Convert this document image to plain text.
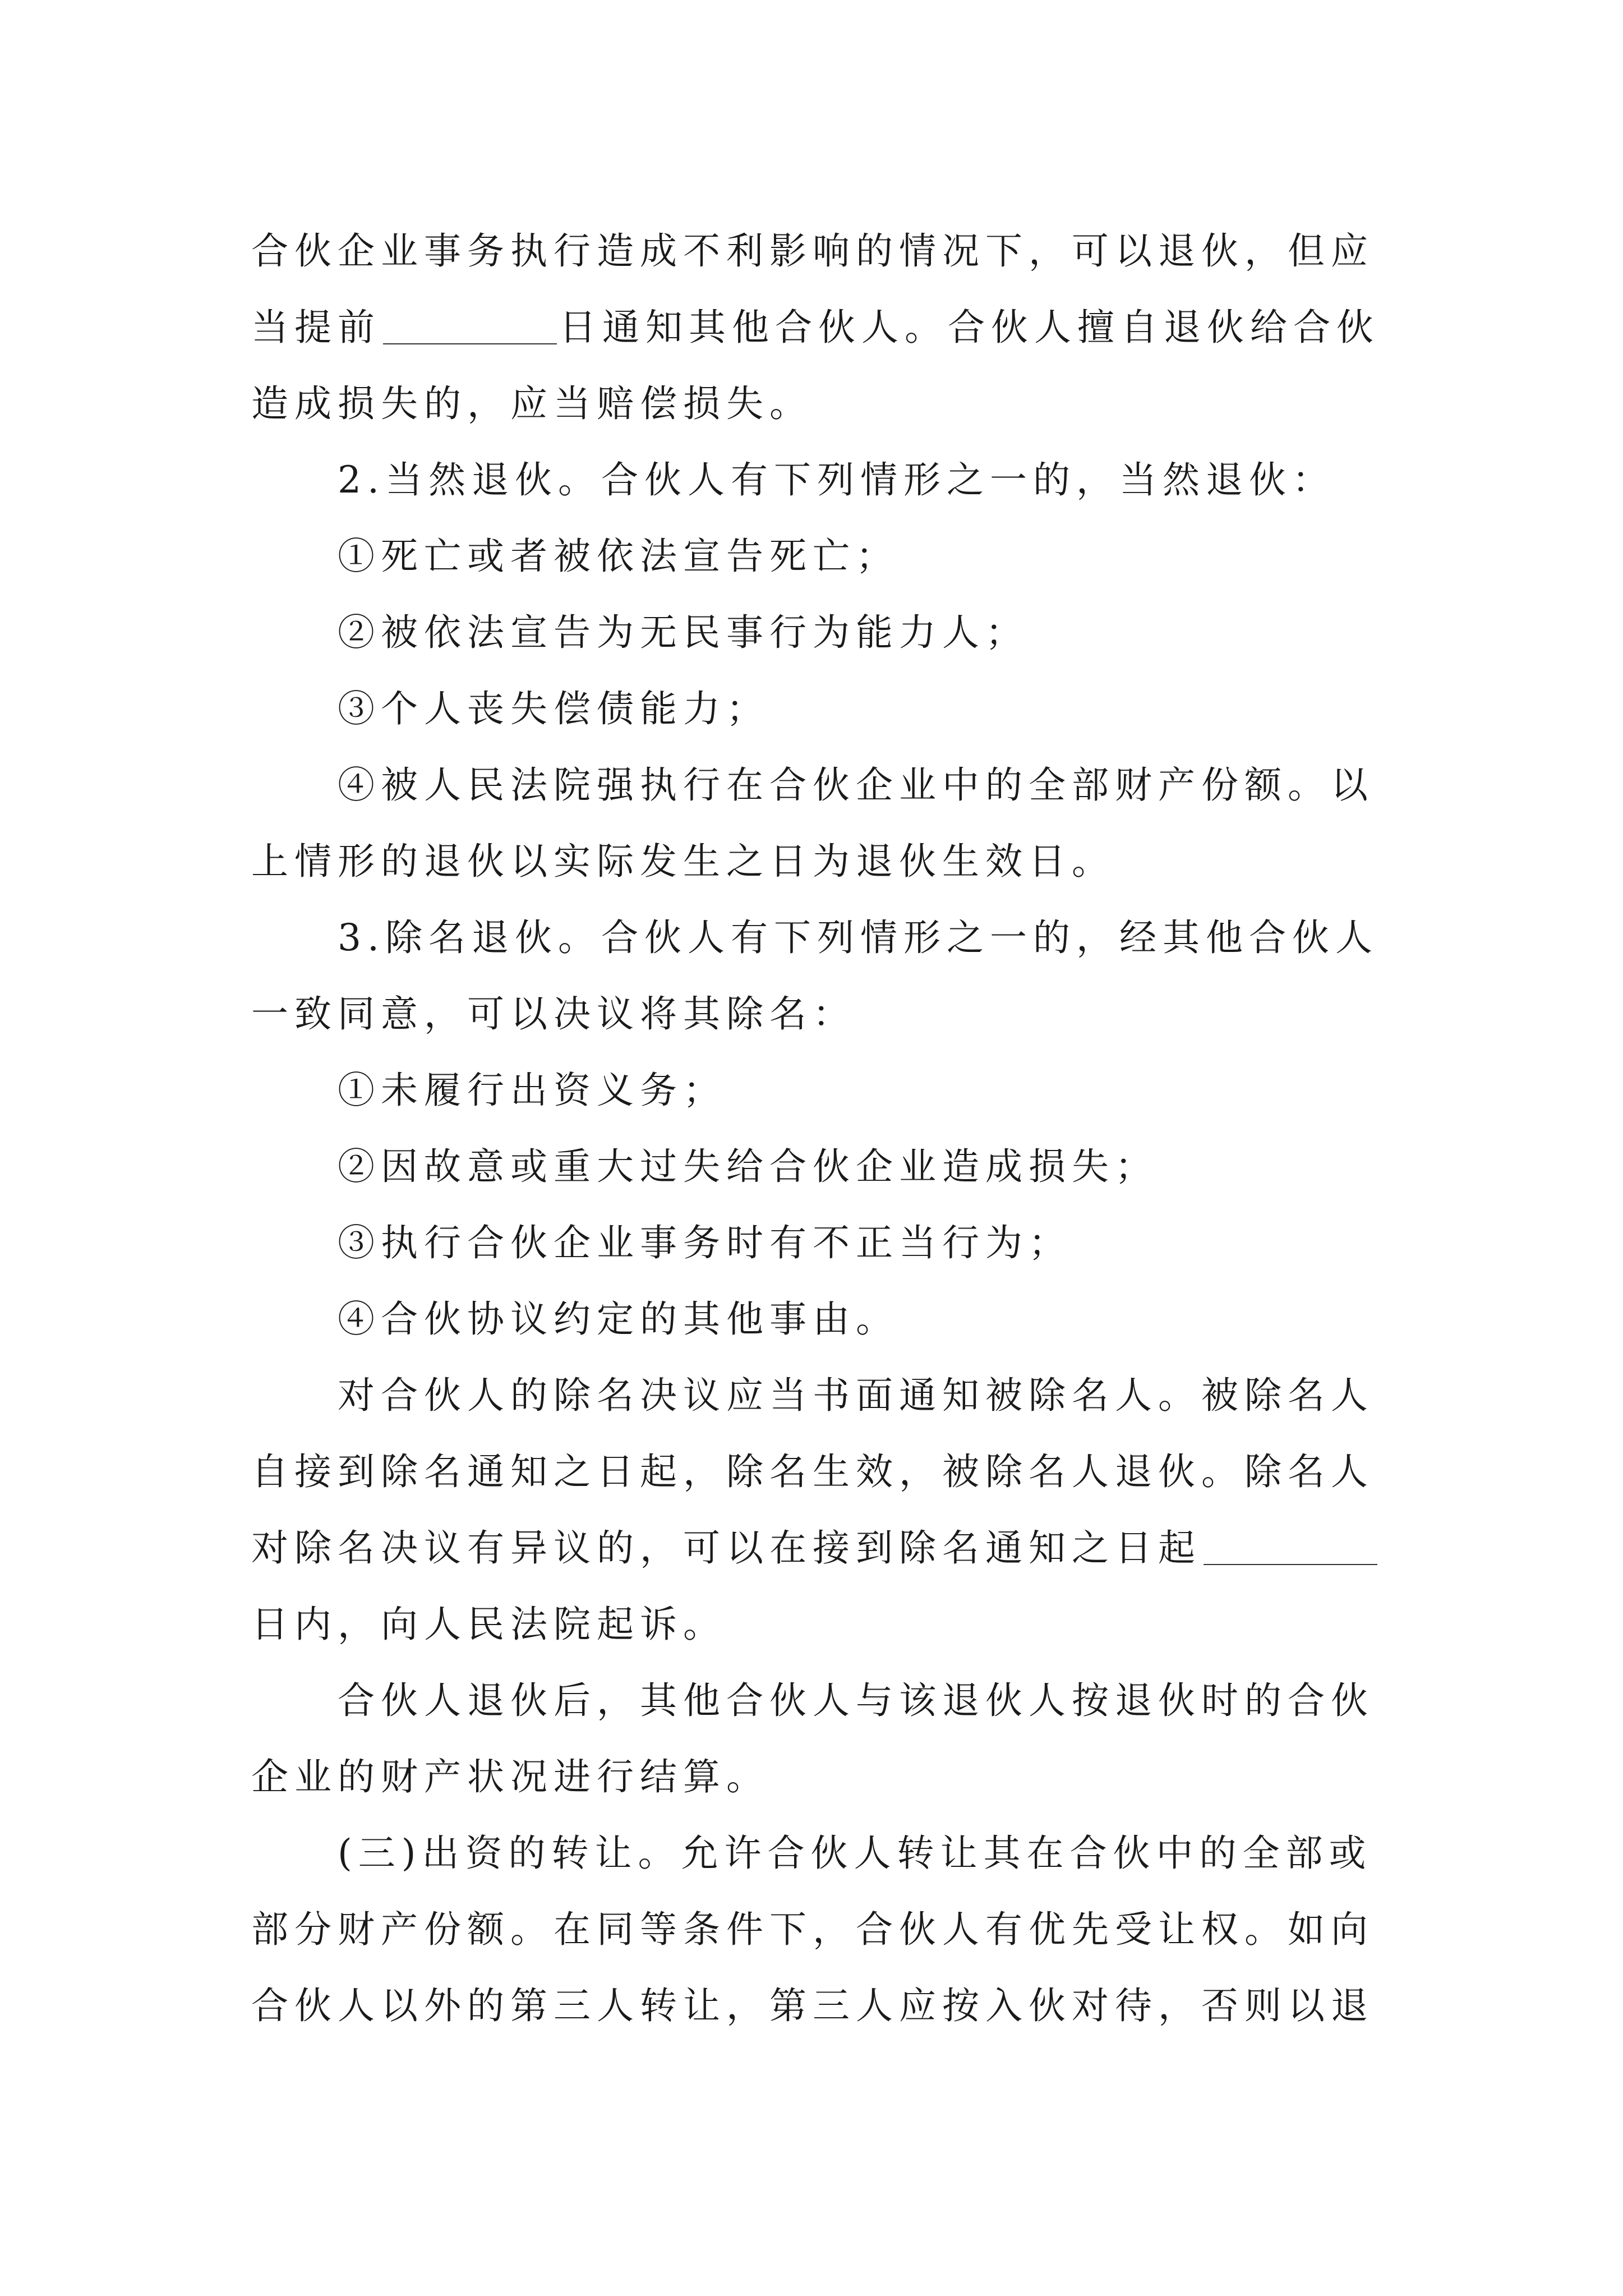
合伙企业事务执行造成不利影响的情况下，可以退伙，但应
当提前	日通知其他合伙人。合伙人擅自退伙给合伙
造成损失的，应当赔偿损失。
2.当然退伙。合伙人有下列情形之一的，当然退伙：
①死亡或者被依法宣告死亡；
②被依法宣告为无民事行为能力人；
③个人丧失偿债能力；
④被人民法院强执行在合伙企业中的全部财产份额。以
上情形的退伙以实际发生之日为退伙生效日。
3.除名退伙。合伙人有下列情形之一的，经其他合伙人
一致同意，可以决议将其除名：
①未履行出资义务；
②因故意或重大过失给合伙企业造成损失；
③执行合伙企业事务时有不正当行为；
④合伙协议约定的其他事由。
对合伙人的除名决议应当书面通知被除名人。被除名人
自接到除名通知之日起，除名生效，被除名人退伙。除名人
对除名决议有异议的，可以在接到除名通知之日起
日内，向人民法院起诉。
合伙人退伙后，其他合伙人与该退伙人按退伙时的合伙
企业的财产状况进行结算。
(三)出资的转让。允许合伙人转让其在合伙中的全部或
部分财产份额。在同等条件下，合伙人有优先受让权。如向
合伙人以外的第三人转让，第三人应按入伙对待，否则以退
